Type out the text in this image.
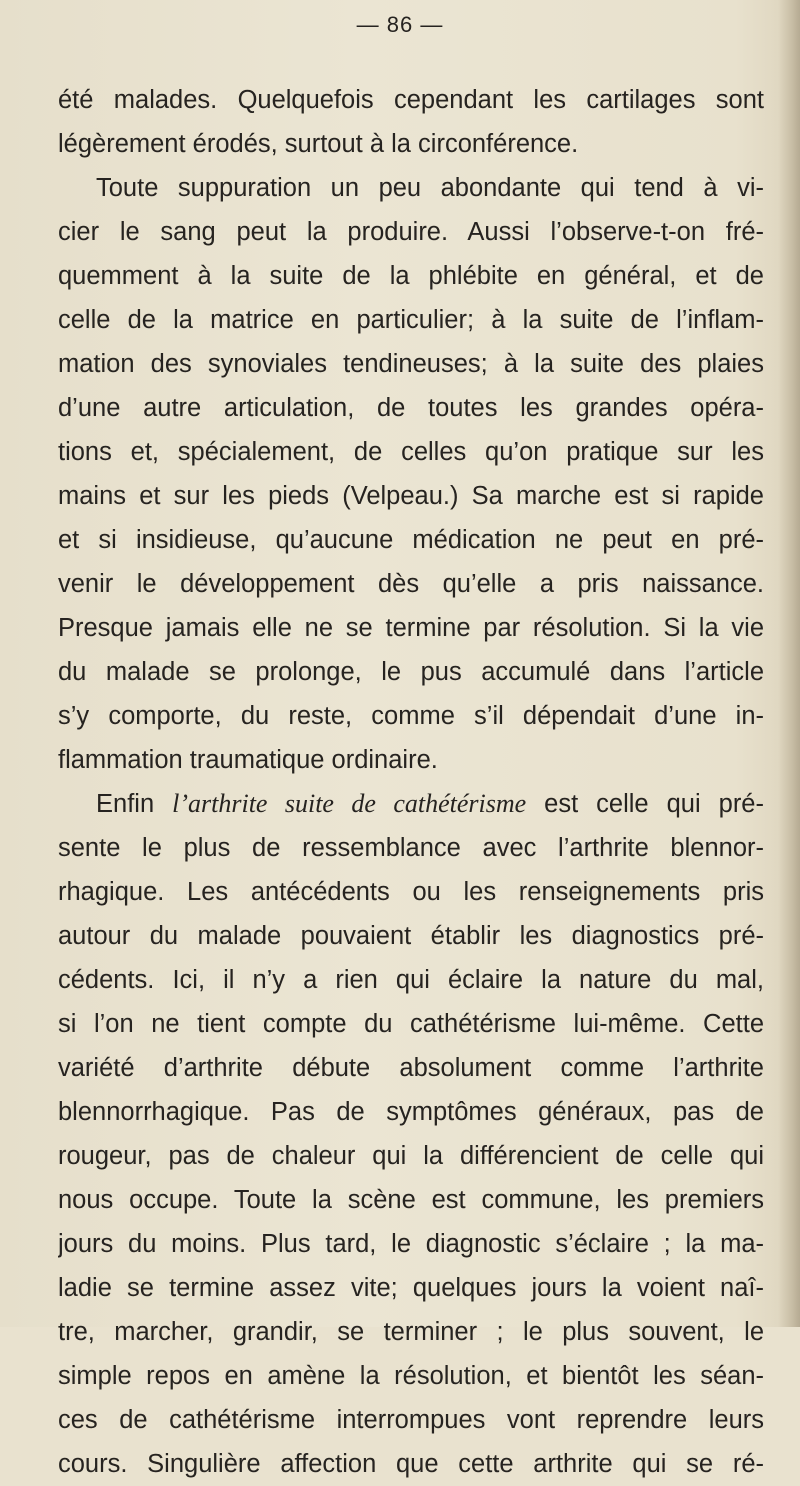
— 86 —
été malades. Quelquefois cependant les cartilages sont
légèrement érodés, surtout à la circonférence.
Toute suppuration un peu abondante qui tend à vi-
cier le sang peut la produire. Aussi l’observe-t-on fré-
quemment à la suite de la phlébite en général, et de
celle de la matrice en particulier; à la suite de l’inflam-
mation des synoviales tendineuses; à la suite des plaies
d’une autre articulation, de toutes les grandes opéra-
tions et, spécialement, de celles qu’on pratique sur les
mains et sur les pieds (Velpeau.) Sa marche est si rapide
et si insidieuse, qu’aucune médication ne peut en pré-
venir le développement dès qu’elle a pris naissance.
Presque jamais elle ne se termine par résolution. Si la vie
du malade se prolonge, le pus accumulé dans l’article
s’y comporte, du reste, comme s’il dépendait d’une in-
flammation traumatique ordinaire.
Enfin l’arthrite suite de cathétérisme est celle qui pré-
sente le plus de ressemblance avec l’arthrite blennor-
rhagique. Les antécédents ou les renseignements pris
autour du malade pouvaient établir les diagnostics pré-
cédents. Ici, il n’y a rien qui éclaire la nature du mal,
si l’on ne tient compte du cathétérisme lui-même. Cette
variété d’arthrite débute absolument comme l’arthrite
blennorrhagique. Pas de symptômes généraux, pas de
rougeur, pas de chaleur qui la différencient de celle qui
nous occupe. Toute la scène est commune, les premiers
jours du moins. Plus tard, le diagnostic s’éclaire ; la ma-
ladie se termine assez vite; quelques jours la voient naî-
tre, marcher, grandir, se terminer ; le plus souvent, le
simple repos en amène la résolution, et bientôt les séan-
ces de cathétérisme interrompues vont reprendre leurs
cours. Singulière affection que cette arthrite qui se ré-
